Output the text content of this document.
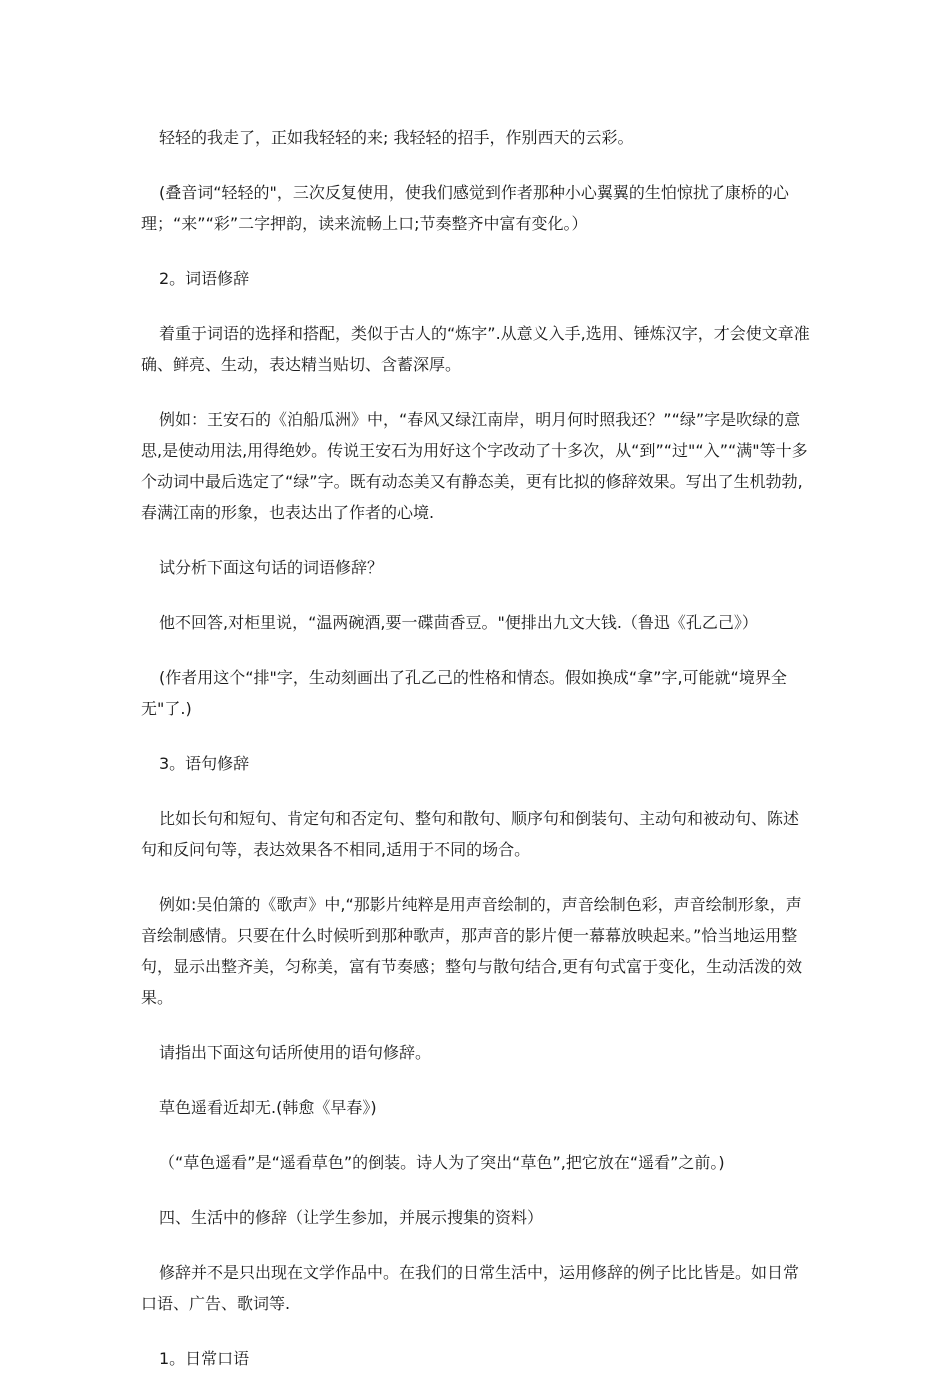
轻轻的我走了，正如我轻轻的来; 我轻轻的招手，作别西天的云彩。

(叠音词“轻轻的"，三次反复使用，使我们感觉到作者那种小心翼翼的生怕惊扰了康桥的心理；“来”“彩”二字押韵，读来流畅上口;节奏整齐中富有变化。）

2。词语修辞

着重于词语的选择和搭配，类似于古人的“炼字”.从意义入手,选用、锤炼汉字，才会使文章准确、鲜亮、生动，表达精当贴切、含蓄深厚。

例如：王安石的《泊船瓜洲》中，“春风又绿江南岸，明月何时照我还？”“绿”字是吹绿的意思,是使动用法,用得绝妙。传说王安石为用好这个字改动了十多次，从“到”“过"“入”“满"等十多个动词中最后选定了“绿”字。既有动态美又有静态美，更有比拟的修辞效果。写出了生机勃勃,春满江南的形象，也表达出了作者的心境.

试分析下面这句话的词语修辞？

他不回答,对柜里说，“温两碗酒,要一碟茴香豆。"便排出九文大钱.（鲁迅《孔乙己》）

(作者用这个“排"字，生动刻画出了孔乙己的性格和情态。假如换成“拿”字,可能就“境界全无"了.)

3。语句修辞

比如长句和短句、肯定句和否定句、整句和散句、顺序句和倒装句、主动句和被动句、陈述句和反问句等，表达效果各不相同,适用于不同的场合。

例如:吴伯箫的《歌声》中,“那影片纯粹是用声音绘制的，声音绘制色彩，声音绘制形象，声音绘制感情。只要在什么时候听到那种歌声，那声音的影片便一幕幕放映起来。”恰当地运用整句，显示出整齐美，匀称美，富有节奏感；整句与散句结合,更有句式富于变化，生动活泼的效果。

请指出下面这句话所使用的语句修辞。

草色遥看近却无.(韩愈《早春》)

（“草色遥看”是“遥看草色”的倒装。诗人为了突出“草色”,把它放在“遥看”之前。)

四、生活中的修辞（让学生参加，并展示搜集的资料）

修辞并不是只出现在文学作品中。在我们的日常生活中，运用修辞的例子比比皆是。如日常口语、广告、歌词等.

1。日常口语
